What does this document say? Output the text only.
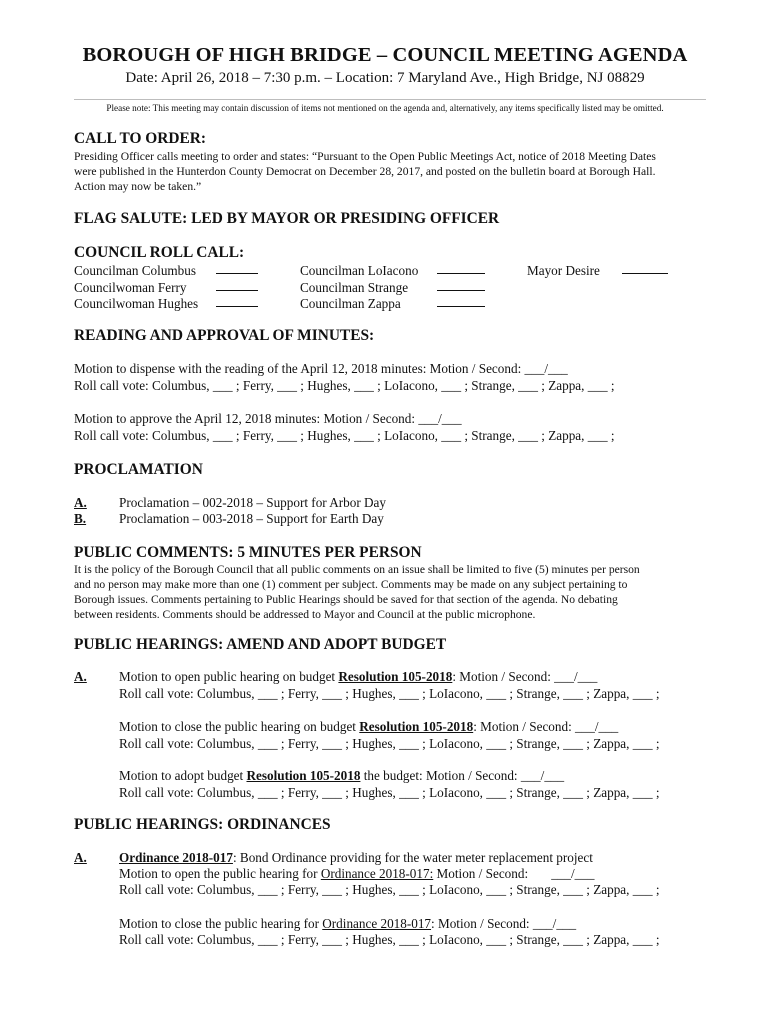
BOROUGH OF HIGH BRIDGE – COUNCIL MEETING AGENDA
Date: April 26, 2018 – 7:30 p.m. – Location: 7 Maryland Ave., High Bridge, NJ 08829
Please note: This meeting may contain discussion of items not mentioned on the agenda and, alternatively, any items specifically listed may be omitted.
CALL TO ORDER:
Presiding Officer calls meeting to order and states: “Pursuant to the Open Public Meetings Act, notice of 2018 Meeting Dates
were published in the Hunterdon County Democrat on December 28, 2017, and posted on the bulletin board at Borough Hall.
Action may now be taken.”
FLAG SALUTE: LED BY MAYOR OR PRESIDING OFFICER
COUNCIL ROLL CALL:
Councilman Columbus
Councilwoman Ferry
Councilwoman Hughes
Councilman LoIacono
Councilman Strange
Councilman Zappa
Mayor Desire
READING AND APPROVAL OF MINUTES:
Motion to dispense with the reading of the April 12, 2018 minutes: Motion / Second: ___/___
Roll call vote: Columbus, ___ ; Ferry, ___ ; Hughes, ___ ; LoIacono, ___ ; Strange, ___ ; Zappa, ___ ;
Motion to approve the April 12, 2018 minutes: Motion / Second: ___/___
Roll call vote: Columbus, ___ ; Ferry, ___ ; Hughes, ___ ; LoIacono, ___ ; Strange, ___ ; Zappa, ___ ;
PROCLAMATION
A. Proclamation – 002-2018 – Support for Arbor Day
B. Proclamation – 003-2018 – Support for Earth Day
PUBLIC COMMENTS: 5 MINUTES PER PERSON
It is the policy of the Borough Council that all public comments on an issue shall be limited to five (5) minutes per person
and no person may make more than one (1) comment per subject. Comments may be made on any subject pertaining to
Borough issues. Comments pertaining to Public Hearings should be saved for that section of the agenda. No debating
between residents. Comments should be addressed to Mayor and Council at the public microphone.
PUBLIC HEARINGS: AMEND AND ADOPT BUDGET
A. Motion to open public hearing on budget Resolution 105-2018: Motion / Second: ___/___
Roll call vote: Columbus, ___ ; Ferry, ___ ; Hughes, ___ ; LoIacono, ___ ; Strange, ___ ; Zappa, ___ ;
Motion to close the public hearing on budget Resolution 105-2018: Motion / Second: ___/___
Roll call vote: Columbus, ___ ; Ferry, ___ ; Hughes, ___ ; LoIacono, ___ ; Strange, ___ ; Zappa, ___ ;
Motion to adopt budget Resolution 105-2018 the budget: Motion / Second: ___/___
Roll call vote: Columbus, ___ ; Ferry, ___ ; Hughes, ___ ; LoIacono, ___ ; Strange, ___ ; Zappa, ___ ;
PUBLIC HEARINGS: ORDINANCES
A. Ordinance 2018-017: Bond Ordinance providing for the water meter replacement project
Motion to open the public hearing for Ordinance 2018-017: Motion / Second:       ___/___
Roll call vote: Columbus, ___ ; Ferry, ___ ; Hughes, ___ ; LoIacono, ___ ; Strange, ___ ; Zappa, ___ ;
Motion to close the public hearing for Ordinance 2018-017: Motion / Second: ___/___
Roll call vote: Columbus, ___ ; Ferry, ___ ; Hughes, ___ ; LoIacono, ___ ; Strange, ___ ; Zappa, ___ ;
